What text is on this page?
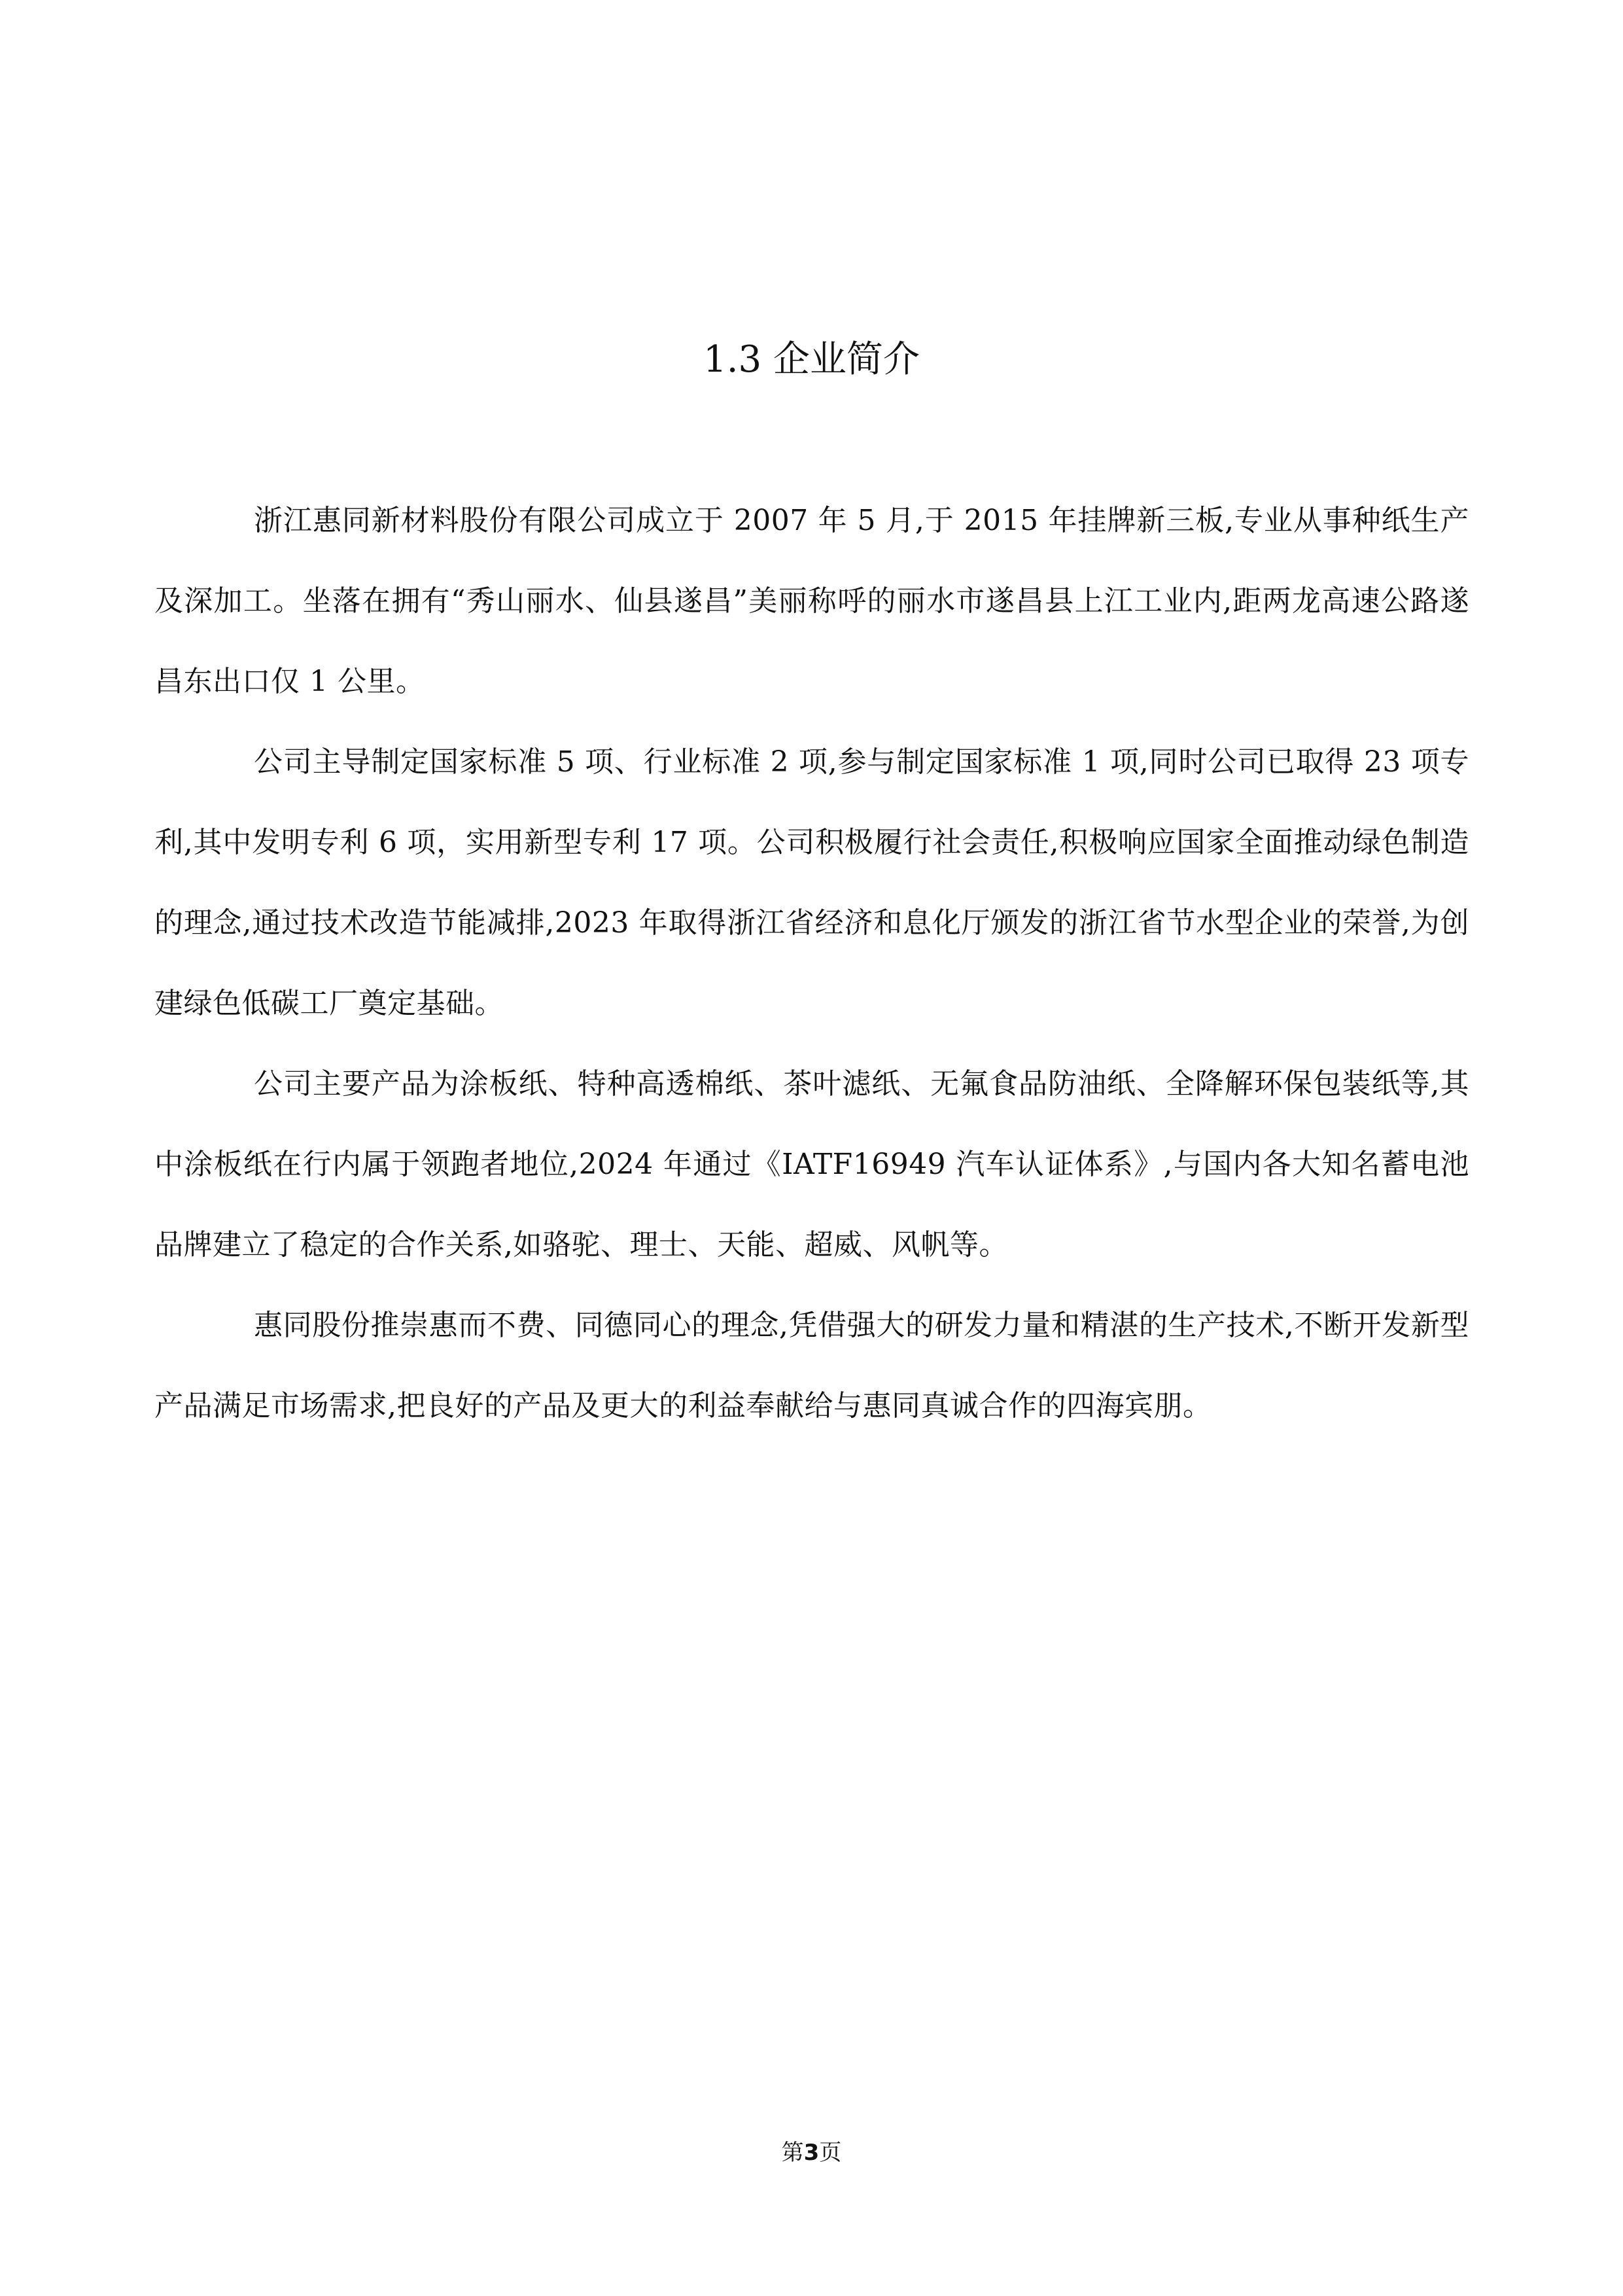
1.3 企业简介

浙江惠同新材料股份有限公司成立于 2007 年 5 月,于 2015 年挂牌新三板,专业从事种纸生产及深加工。坐落在拥有“秀山丽水、仙县遂昌”美丽称呼的丽水市遂昌县上江工业内,距两龙高速公路遂昌东出口仅 1 公里。

公司主导制定国家标准 5 项、行业标准 2 项,参与制定国家标准 1 项,同时公司已取得 23 项专利,其中发明专利 6 项，实用新型专利 17 项。公司积极履行社会责任,积极响应国家全面推动绿色制造的理念,通过技术改造节能减排,2023 年取得浙江省经济和息化厅颁发的浙江省节水型企业的荣誉,为创建绿色低碳工厂奠定基础。

公司主要产品为涂板纸、特种高透棉纸、茶叶滤纸、无氟食品防油纸、全降解环保包装纸等,其中涂板纸在行内属于领跑者地位,2024 年通过《IATF16949 汽车认证体系》,与国内各大知名蓄电池品牌建立了稳定的合作关系,如骆驼、理士、天能、超威、风帆等。

惠同股份推崇惠而不费、同德同心的理念,凭借强大的研发力量和精湛的生产技术,不断开发新型产品满足市场需求,把良好的产品及更大的利益奉献给与惠同真诚合作的四海宾朋。

第3页
